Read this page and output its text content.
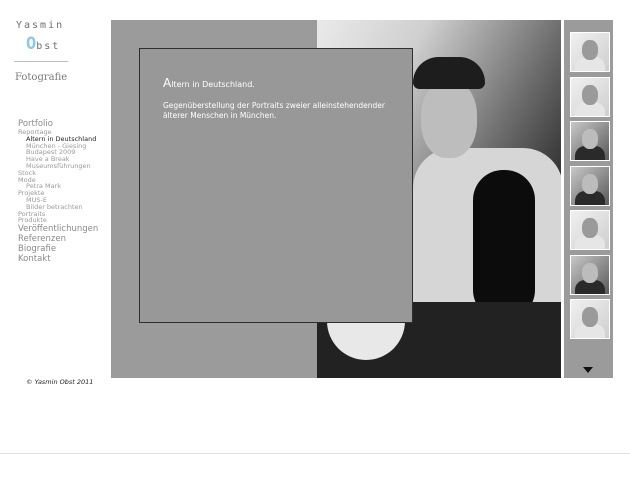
Yasmin
Obst
Fotografie
Portfolio
Reportage
Altern in Deutschland
München - Giesing
Budapest 2009
Have a Break
Museumsführungen
Stock
Mode
Petra Mark
Projekte
MUS-E
Bilder betrachten
Portraits
Produkte
Veröffentlichungen
Referenzen
Biografie
Kontakt
© Yasmin Obst 2011
Altern in Deutschland.
Gegenüberstellung der Portraits zweier alleinstehendender älterer Menschen in München.
